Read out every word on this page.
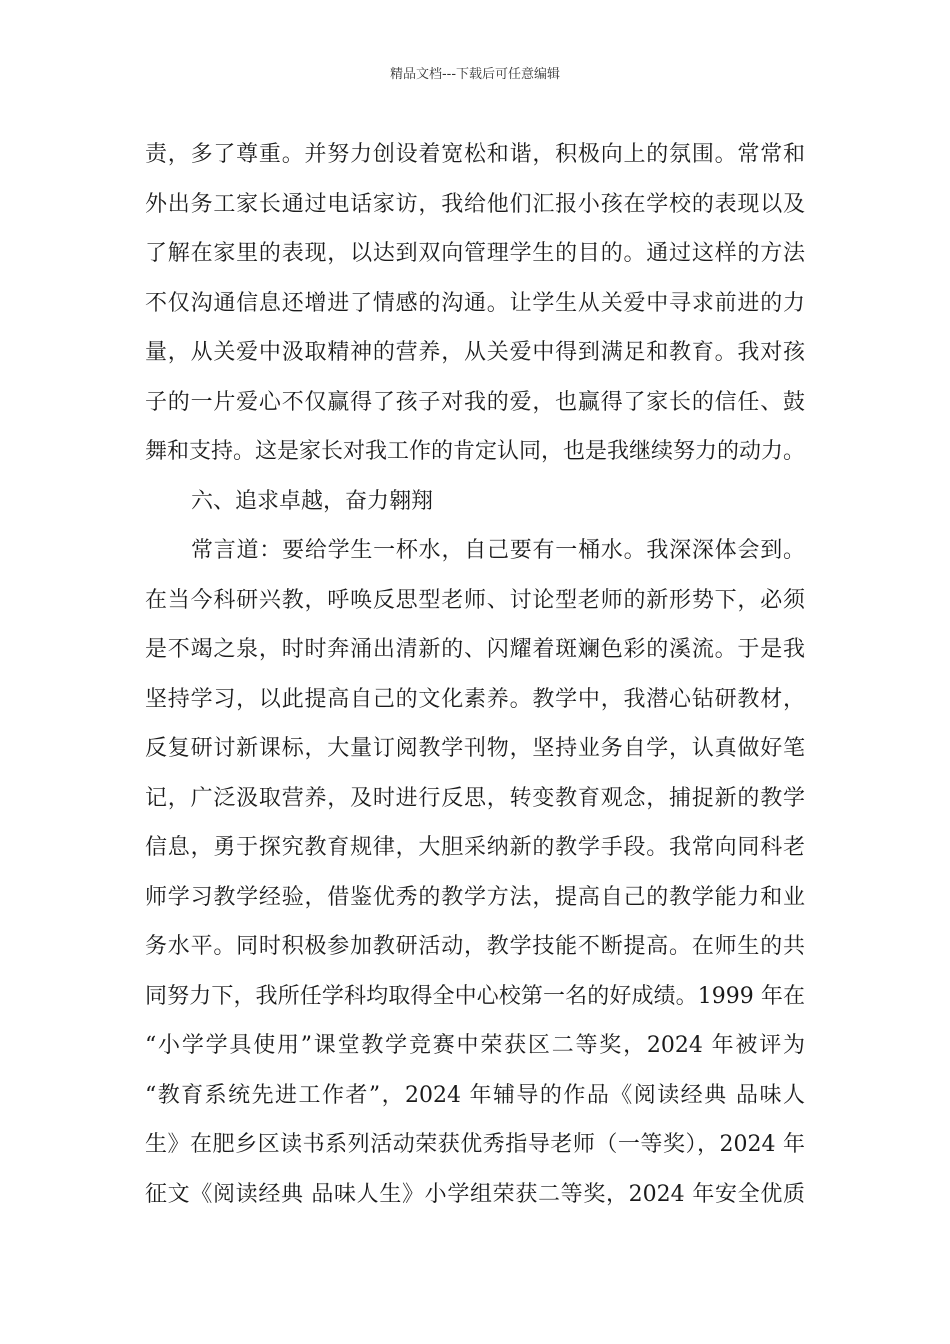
精品文档---下载后可任意编辑
责，多了尊重。并努力创设着宽松和谐，积极向上的氛围。常常和
外出务工家长通过电话家访，我给他们汇报小孩在学校的表现以及
了解在家里的表现，以达到双向管理学生的目的。通过这样的方法
不仅沟通信息还增进了情感的沟通。让学生从关爱中寻求前进的力
量，从关爱中汲取精神的营养，从关爱中得到满足和教育。我对孩
子的一片爱心不仅赢得了孩子对我的爱，也赢得了家长的信任、鼓
舞和支持。这是家长对我工作的肯定认同，也是我继续努力的动力。
六、追求卓越，奋力翱翔
常言道：要给学生一杯水，自己要有一桶水。我深深体会到。
在当今科研兴教，呼唤反思型老师、讨论型老师的新形势下，必须
是不竭之泉，时时奔涌出清新的、闪耀着斑斓色彩的溪流。于是我
坚持学习，以此提高自己的文化素养。教学中，我潜心钻研教材，
反复研讨新课标，大量订阅教学刊物，坚持业务自学，认真做好笔
记，广泛汲取营养，及时进行反思，转变教育观念，捕捉新的教学
信息，勇于探究教育规律，大胆采纳新的教学手段。我常向同科老
师学习教学经验，借鉴优秀的教学方法，提高自己的教学能力和业
务水平。同时积极参加教研活动，教学技能不断提高。在师生的共
同努力下，我所任学科均取得全中心校第一名的好成绩。1999 年在
“小学学具使用”课堂教学竞赛中荣获区二等奖，2024 年被评为
“教育系统先进工作者”，2024 年辅导的作品《阅读经典 品味人
生》在肥乡区读书系列活动荣获优秀指导老师（一等奖），2024 年
征文《阅读经典 品味人生》小学组荣获二等奖，2024 年安全优质
